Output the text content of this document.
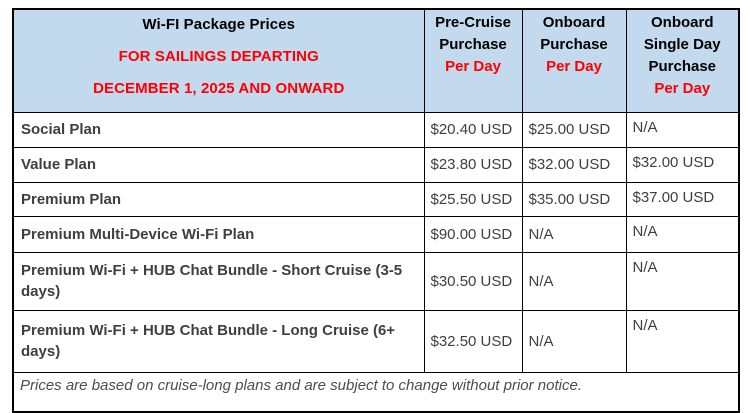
Wi-FI Package Prices
FOR SAILINGS DEPARTING
DECEMBER 1, 2025 AND ONWARD

Pre-Cruise
Purchase
Per Day

Onboard
Purchase
Per Day

Onboard
Single Day
Purchase
Per Day

Social Plan	$20.40 USD	$25.00 USD	N/A
Value Plan	$23.80 USD	$32.00 USD	$32.00 USD
Premium Plan	$25.50 USD	$35.00 USD	$37.00 USD
Premium Multi-Device Wi-Fi Plan	$90.00 USD	N/A	N/A
Premium Wi-Fi + HUB Chat Bundle - Short Cruise (3-5 days)	$30.50 USD	N/A	N/A
Premium Wi-Fi + HUB Chat Bundle - Long Cruise (6+ days)	$32.50 USD	N/A	N/A
Prices are based on cruise-long plans and are subject to change without prior notice.			
